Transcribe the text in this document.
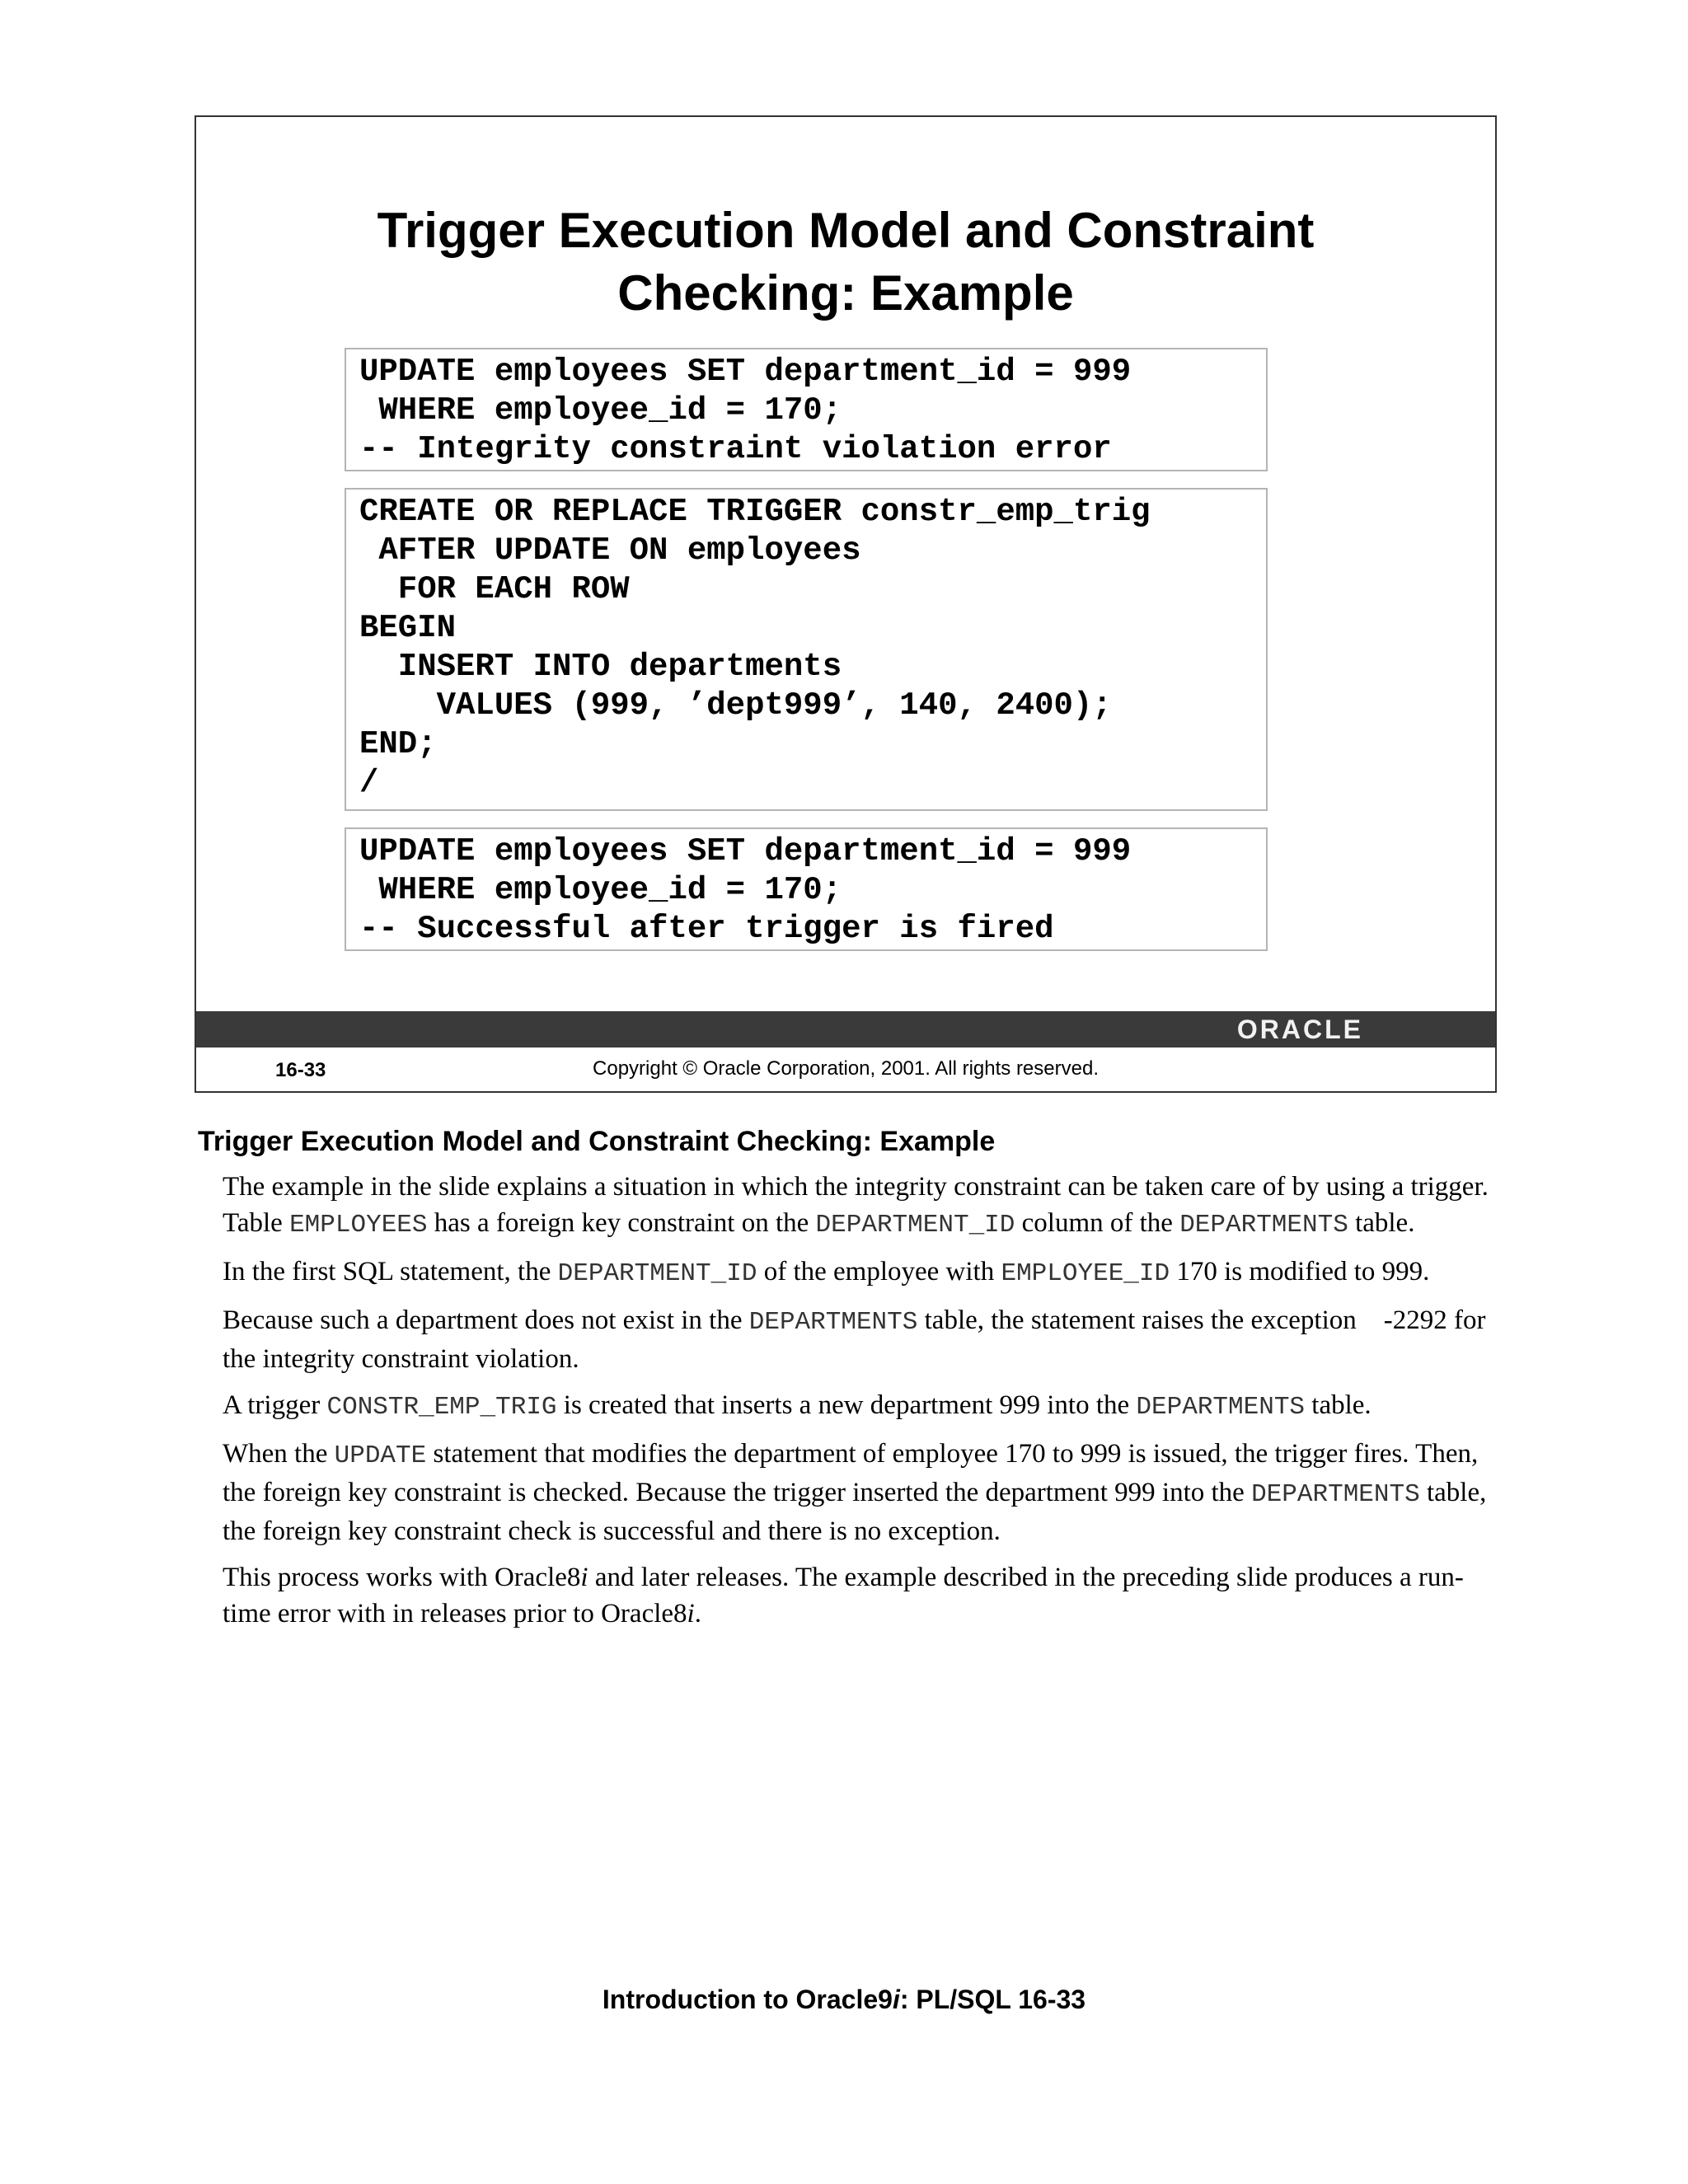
Trigger Execution Model and Constraint
Checking: Example
UPDATE employees SET department_id = 999
WHERE employee_id = 170;
-- Integrity constraint violation error
CREATE OR REPLACE TRIGGER constr_emp_trig
AFTER UPDATE ON employees
FOR EACH ROW
BEGIN
INSERT INTO departments
VALUES (999, ’dept999’, 140, 2400);
END;
/
UPDATE employees SET department_id = 999
WHERE employee_id = 170;
-- Successful after trigger is fired
ORACLE
16-33	Copyright © Oracle Corporation, 2001. All rights reserved.
Trigger Execution Model and Constraint Checking: Example

The example in the slide explains a situation in which the integrity constraint can be taken care of by using a trigger. Table EMPLOYEES has a foreign key constraint on the DEPARTMENT_ID column of the DEPARTMENTS table.

In the first SQL statement, the DEPARTMENT_ID of the employee with EMPLOYEE_ID 170 is modified to 999.

Because such a department does not exist in the DEPARTMENTS table, the statement raises the exception    -2292 for the integrity constraint violation.

A trigger CONSTR_EMP_TRIG is created that inserts a new department 999 into the DEPARTMENTS table.

When the UPDATE statement that modifies the department of employee 170 to 999 is issued, the trigger fires. Then, the foreign key constraint is checked. Because the trigger inserted the department 999 into the DEPARTMENTS table, the foreign key constraint check is successful and there is no exception.

This process works with Oracle8i and later releases. The example described in the preceding slide produces a run-time error with in releases prior to Oracle8i.

Introduction to Oracle9i: PL/SQL 16-33
